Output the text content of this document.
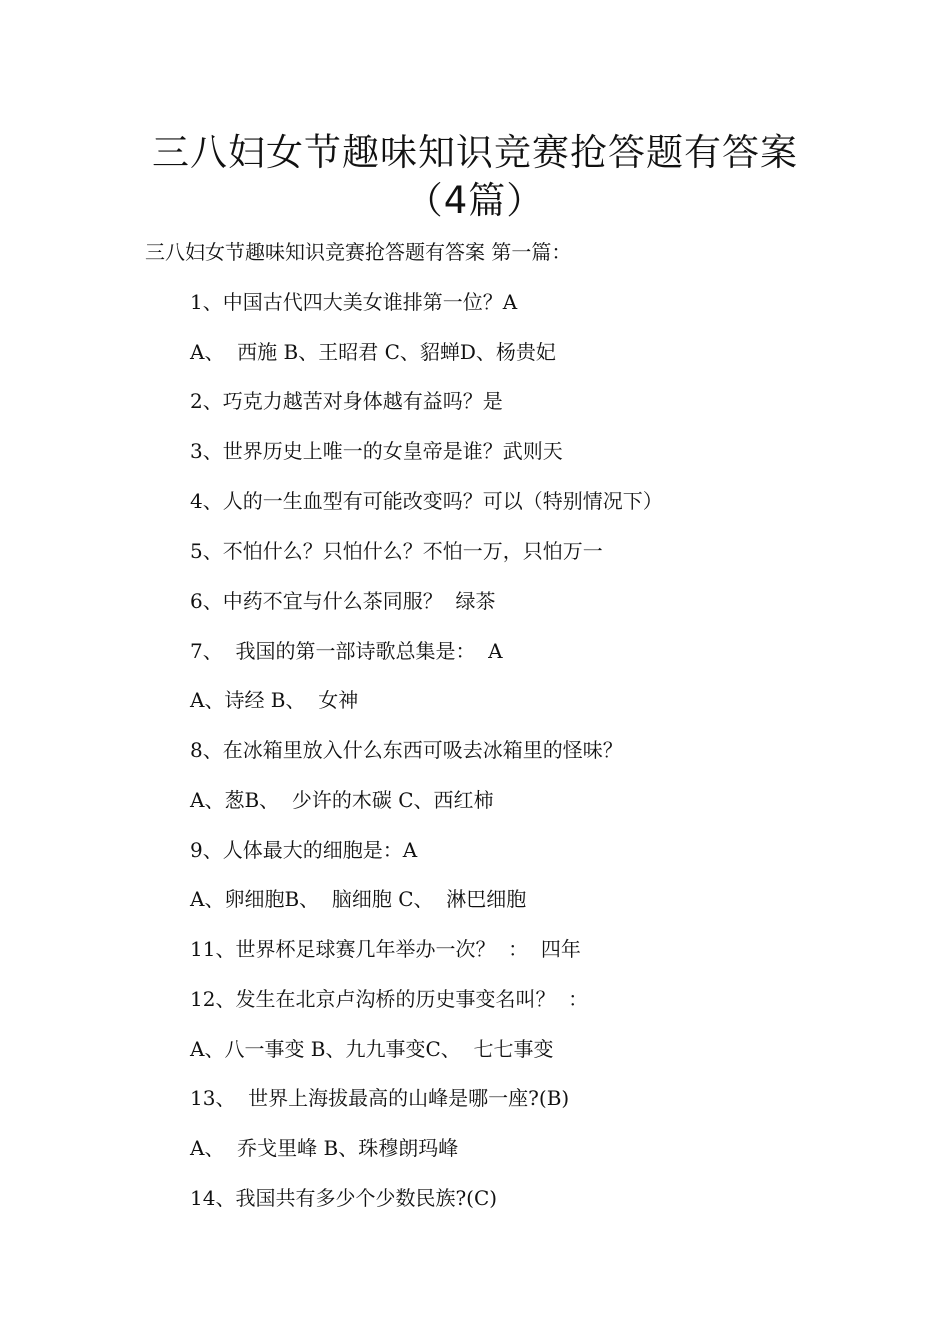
三八妇女节趣味知识竞赛抢答题有答案
（4篇）
三八妇女节趣味知识竞赛抢答题有答案 第一篇：
1、中国古代四大美女谁排第一位？A
A、  西施 B、王昭君 C、貂蝉D、杨贵妃
2、巧克力越苦对身体越有益吗？是
3、世界历史上唯一的女皇帝是谁？武则天
4、人的一生血型有可能改变吗？可以（特别情况下）
5、不怕什么？只怕什么？不怕一万，只怕万一
6、中药不宜与什么茶同服？  绿茶
7、  我国的第一部诗歌总集是：  A
A、诗经 B、  女神
8、在冰箱里放入什么东西可吸去冰箱里的怪味？
A、葱B、  少许的木碳 C、西红柿
9、人体最大的细胞是：A
A、卵细胞B、  脑细胞 C、  淋巴细胞
11、世界杯足球赛几年举办一次？  ：  四年
12、发生在北京卢沟桥的历史事变名叫？  ：
A、八一事变 B、九九事变C、  七七事变
13、  世界上海拔最高的山峰是哪一座?(B)
A、  乔戈里峰 B、珠穆朗玛峰
14、我国共有多少个少数民族?(C)
